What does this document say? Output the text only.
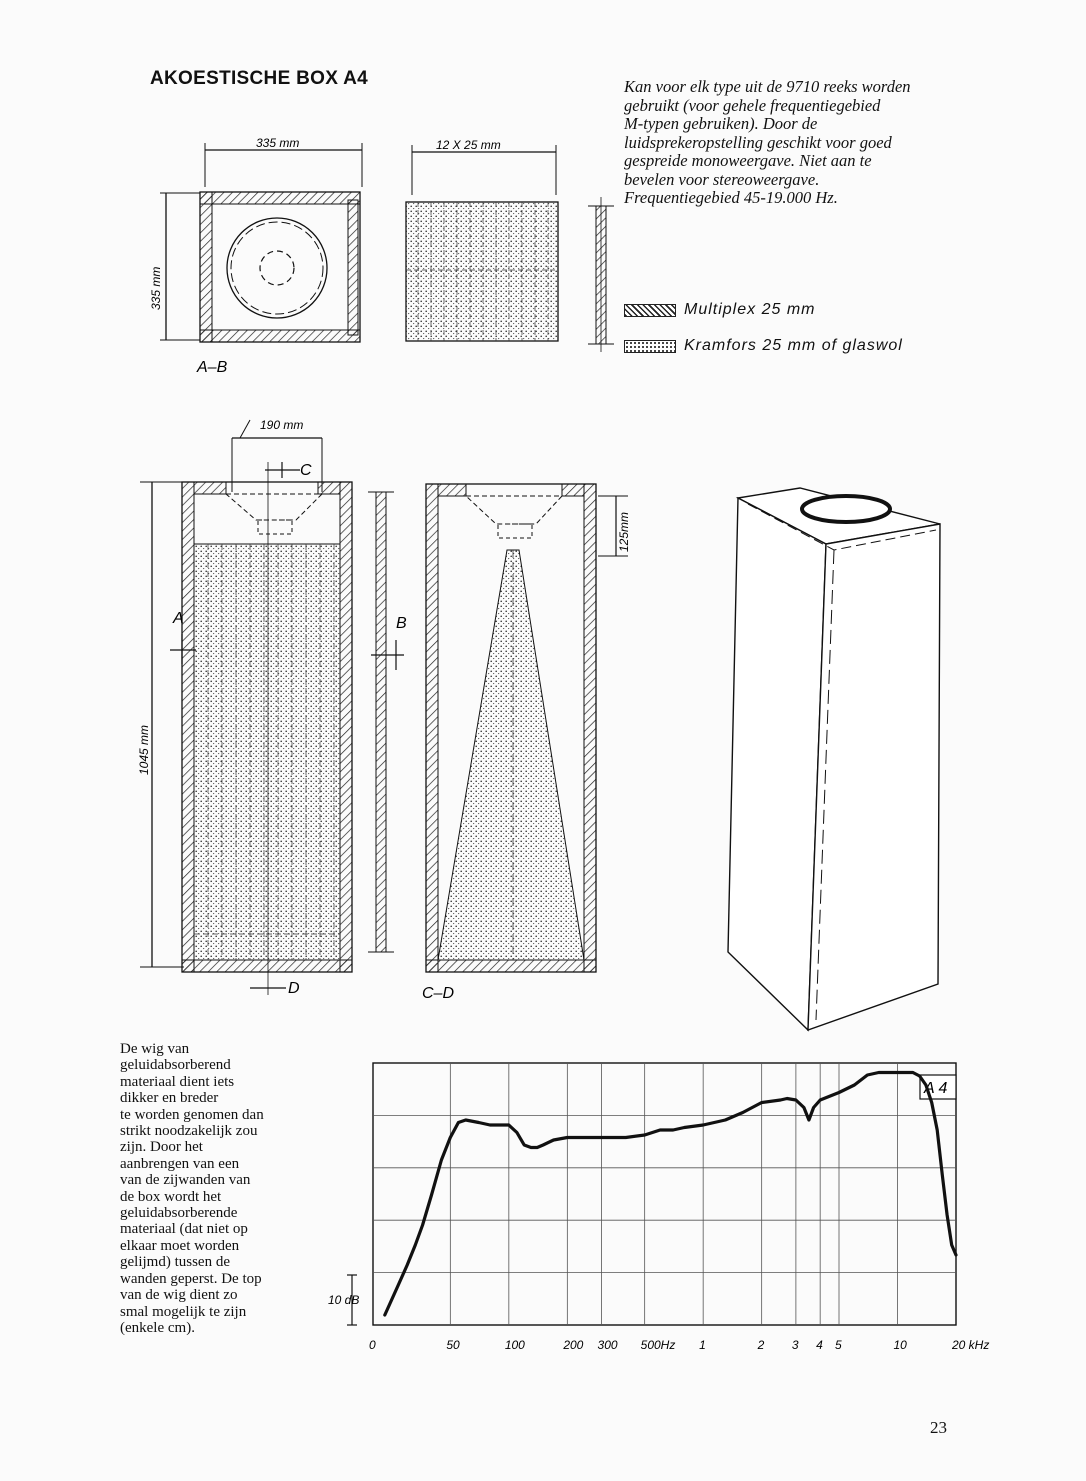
AKOESTISCHE BOX A4	Kan voor elk type uit de 9710 reeks worden
gebruikt (voor gehele frequentiegebied
M-typen gebruiken). Door de
luidsprekeropstelling geschikt voor goed
gespreide monoweergave. Niet aan te
bevelen voor stereoweergave.
Frequentiegebied 45-19.000 Hz.
Multiplex 25 mm
Kramfors 25 mm of glaswol
335 mm
335 mm
A–B
12 X 25 mm
190 mm
C
1045 mm
D
A	B
125mm
C–D
A 4
10 dB
0	50	100	200 300 500Hz 1	2 3 4 5	10	20 kHz
De wig van
geluidabsorberend
materiaal dient iets
dikker en breder
te worden genomen dan
strikt noodzakelijk zou
zijn. Door het
aanbrengen van een
van de zijwanden van
de box wordt het
geluidabsorberende
materiaal (dat niet op
elkaar moet worden
gelijmd) tussen de
wanden geperst. De top
van de wig dient zo
smal mogelijk te zijn
(enkele cm).
23
